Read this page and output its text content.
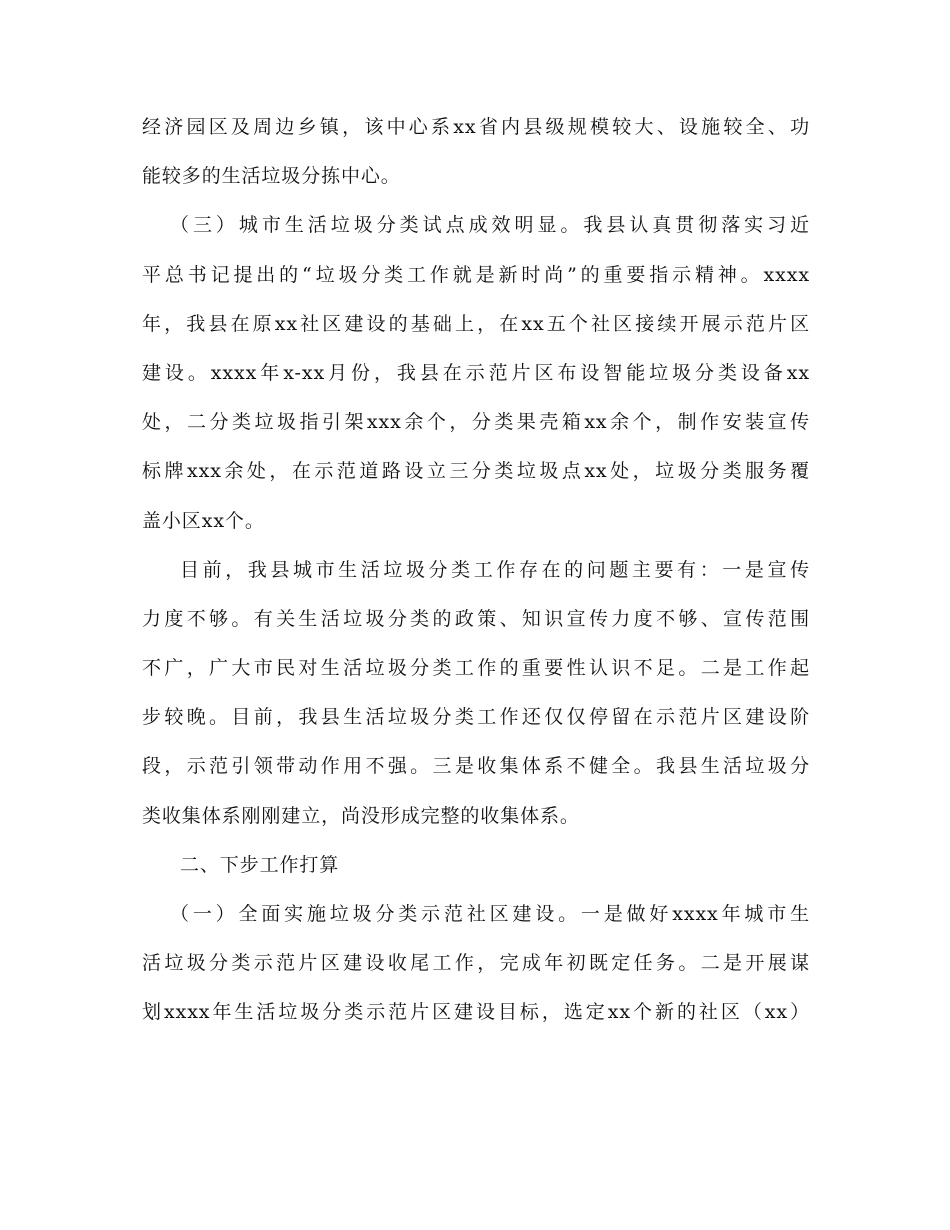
经济园区及周边乡镇，该中心系xx省内县级规模较大、设施较全、功
能较多的生活垃圾分拣中心。
（三）城市生活垃圾分类试点成效明显。我县认真贯彻落实习近
平总书记提出的“垃圾分类工作就是新时尚”的重要指示精神。xxxx
年，我县在原xx社区建设的基础上，在xx五个社区接续开展示范片区
建设。xxxx年x-xx月份，我县在示范片区布设智能垃圾分类设备xx
处，二分类垃圾指引架xxx余个，分类果壳箱xx余个，制作安装宣传
标牌xxx余处，在示范道路设立三分类垃圾点xx处，垃圾分类服务覆
盖小区xx个。
目前，我县城市生活垃圾分类工作存在的问题主要有：一是宣传
力度不够。有关生活垃圾分类的政策、知识宣传力度不够、宣传范围
不广，广大市民对生活垃圾分类工作的重要性认识不足。二是工作起
步较晚。目前，我县生活垃圾分类工作还仅仅停留在示范片区建设阶
段，示范引领带动作用不强。三是收集体系不健全。我县生活垃圾分
类收集体系刚刚建立，尚没形成完整的收集体系。
二、下步工作打算
（一）全面实施垃圾分类示范社区建设。一是做好xxxx年城市生
活垃圾分类示范片区建设收尾工作，完成年初既定任务。二是开展谋
划xxxx年生活垃圾分类示范片区建设目标，选定xx个新的社区（xx）
